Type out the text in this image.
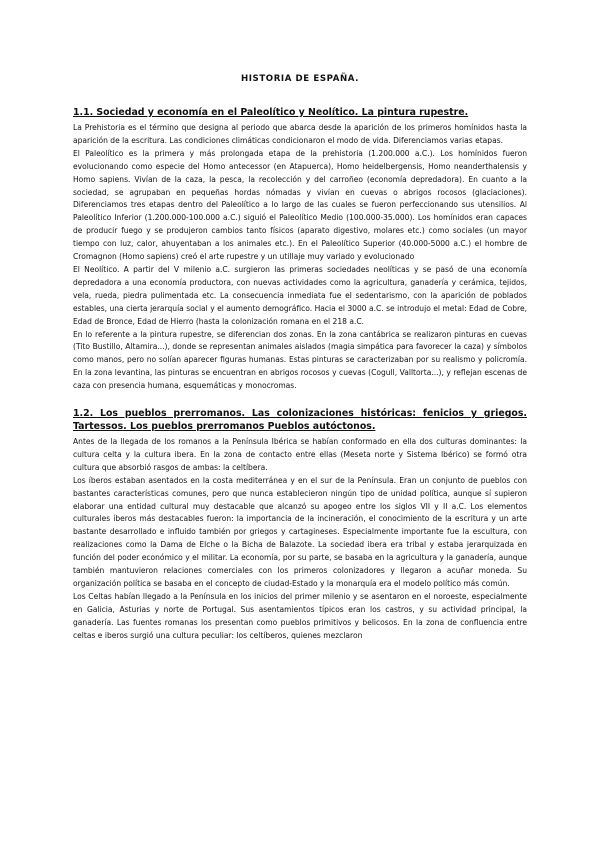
HISTORIA DE ESPAÑA.
1.1. Sociedad y economía en el Paleolítico y Neolítico. La pintura rupestre.

La Prehistoria es el término que designa al periodo que abarca desde la aparición de los primeros homínidos hasta la aparición de la escritura. Las condiciones climáticas condicionaron el modo de vida. Diferenciamos varias etapas.

El Paleolítico es la primera y más prolongada etapa de la prehistoria (1.200.000 a.C.). Los homínidos fueron evolucionando como especie del Homo antecessor (en Atapuerca), Homo heidelbergensis, Homo neanderthalensis y Homo sapiens. Vivían de la caza, la pesca, la recolección y del carroñeo (economía depredadora). En cuanto a la sociedad, se agrupaban en pequeñas hordas nómadas y vivían en cuevas o abrigos rocosos (glaciaciones). Diferenciamos tres etapas dentro del Paleolítico a lo largo de las cuales se fueron perfeccionando sus utensilios. Al Paleolítico Inferior (1.200.000-100.000 a.C.) siguió el Paleolítico Medio (100.000-35.000). Los homínidos eran capaces de producir fuego y se produjeron cambios tanto físicos (aparato digestivo, molares etc.) como sociales (un mayor tiempo con luz, calor, ahuyentaban a los animales etc.). En el Paleolítico Superior (40.000-5000 a.C.) el hombre de Cromagnon (Homo sapiens) creó el arte rupestre y un utillaje muy variado y evolucionado

El Neolítico. A partir del V milenio a.C. surgieron las primeras sociedades neolíticas y se pasó de una economía depredadora a una economía productora, con nuevas actividades como la agricultura, ganadería y cerámica, tejidos, vela, rueda, piedra pulimentada etc. La consecuencia inmediata fue el sedentarismo, con la aparición de poblados estables, una cierta jerarquía social y el aumento demográfico. Hacia el 3000 a.C. se introdujo el metal: Edad de Cobre, Edad de Bronce, Edad de Hierro (hasta la colonización romana en el 218 a.C.

En lo referente a la pintura rupestre, se diferencian dos zonas. En la zona cantábrica se realizaron pinturas en cuevas (Tito Bustillo, Altamira...), donde se representan animales aislados (magia simpática para favorecer la caza) y símbolos como manos, pero no solían aparecer figuras humanas. Estas pinturas se caracterizaban por su realismo y policromía. En la zona levantina, las pinturas se encuentran en abrigos rocosos y cuevas (Cogull, Valltorta...), y reflejan escenas de caza con presencia humana, esquemáticas y monocromas.

1.2. Los pueblos prerromanos. Las colonizaciones históricas: fenicios y griegos. Tartessos. Los pueblos prerromanos Pueblos autóctonos.

Antes de la llegada de los romanos a la Península Ibérica se habían conformado en ella dos culturas dominantes: la cultura celta y la cultura ibera. En la zona de contacto entre ellas (Meseta norte y Sistema Ibérico) se formó otra cultura que absorbió rasgos de ambas: la celtíbera.

Los íberos estaban asentados en la costa mediterránea y en el sur de la Península. Eran un conjunto de pueblos con bastantes características comunes, pero que nunca establecieron ningún tipo de unidad política, aunque sí supieron elaborar una entidad cultural muy destacable que alcanzó su apogeo entre los siglos VII y II a.C. Los elementos culturales íberos más destacables fueron: la importancia de la incineración, el conocimiento de la escritura y un arte bastante desarrollado e influido también por griegos y cartagineses. Especialmente importante fue la escultura, con realizaciones como la Dama de Elche o la Bicha de Balazote. La sociedad ibera era tribal y estaba jerarquizada en función del poder económico y el militar. La economía, por su parte, se basaba en la agricultura y la ganadería, aunque también mantuvieron relaciones comerciales con los primeros colonizadores y llegaron a acuñar moneda. Su organización política se basaba en el concepto de ciudad-Estado y la monarquía era el modelo político más común.

Los Celtas habían llegado a la Península en los inicios del primer milenio y se asentaron en el noroeste, especialmente en Galicia, Asturias y norte de Portugal. Sus asentamientos típicos eran los castros, y su actividad principal, la ganadería. Las fuentes romanas los presentan como pueblos primitivos y belicosos. En la zona de confluencia entre celtas e iberos surgió una cultura peculiar: los celtíberos, quienes mezclaron
